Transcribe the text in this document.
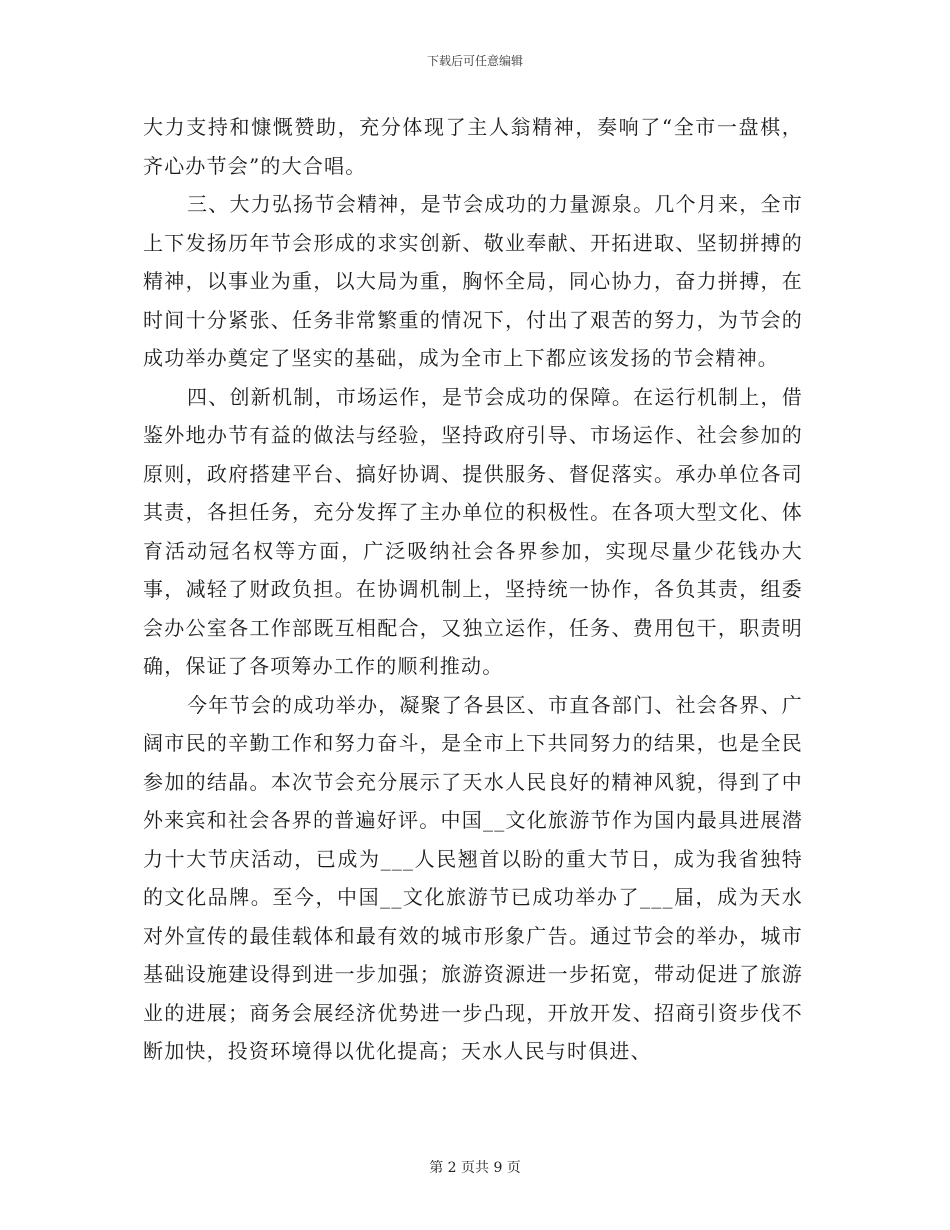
下载后可任意编辑

大力支持和慷慨赞助，充分体现了主人翁精神，奏响了“全市一盘棋，齐心办节会”的大合唱。

三、大力弘扬节会精神，是节会成功的力量源泉。几个月来，全市上下发扬历年节会形成的求实创新、敬业奉献、开拓进取、坚韧拼搏的精神，以事业为重，以大局为重，胸怀全局，同心协力，奋力拼搏，在时间十分紧张、任务非常繁重的情况下，付出了艰苦的努力，为节会的成功举办奠定了坚实的基础，成为全市上下都应该发扬的节会精神。

四、创新机制，市场运作，是节会成功的保障。在运行机制上，借鉴外地办节有益的做法与经验，坚持政府引导、市场运作、社会参加的原则，政府搭建平台、搞好协调、提供服务、督促落实。承办单位各司其责，各担任务，充分发挥了主办单位的积极性。在各项大型文化、体育活动冠名权等方面，广泛吸纳社会各界参加，实现尽量少花钱办大事，减轻了财政负担。在协调机制上，坚持统一协作，各负其责，组委会办公室各工作部既互相配合，又独立运作，任务、费用包干，职责明确，保证了各项筹办工作的顺利推动。

今年节会的成功举办，凝聚了各县区、市直各部门、社会各界、广阔市民的辛勤工作和努力奋斗，是全市上下共同努力的结果，也是全民参加的结晶。本次节会充分展示了天水人民良好的精神风貌，得到了中外来宾和社会各界的普遍好评。中国__文化旅游节作为国内最具进展潜力十大节庆活动，已成为___人民翘首以盼的重大节日，成为我省独特的文化品牌。至今，中国__文化旅游节已成功举办了___届，成为天水对外宣传的最佳载体和最有效的城市形象广告。通过节会的举办，城市基础设施建设得到进一步加强；旅游资源进一步拓宽，带动促进了旅游业的进展；商务会展经济优势进一步凸现，开放开发、招商引资步伐不断加快，投资环境得以优化提高；天水人民与时俱进、

第 2 页共 9 页
